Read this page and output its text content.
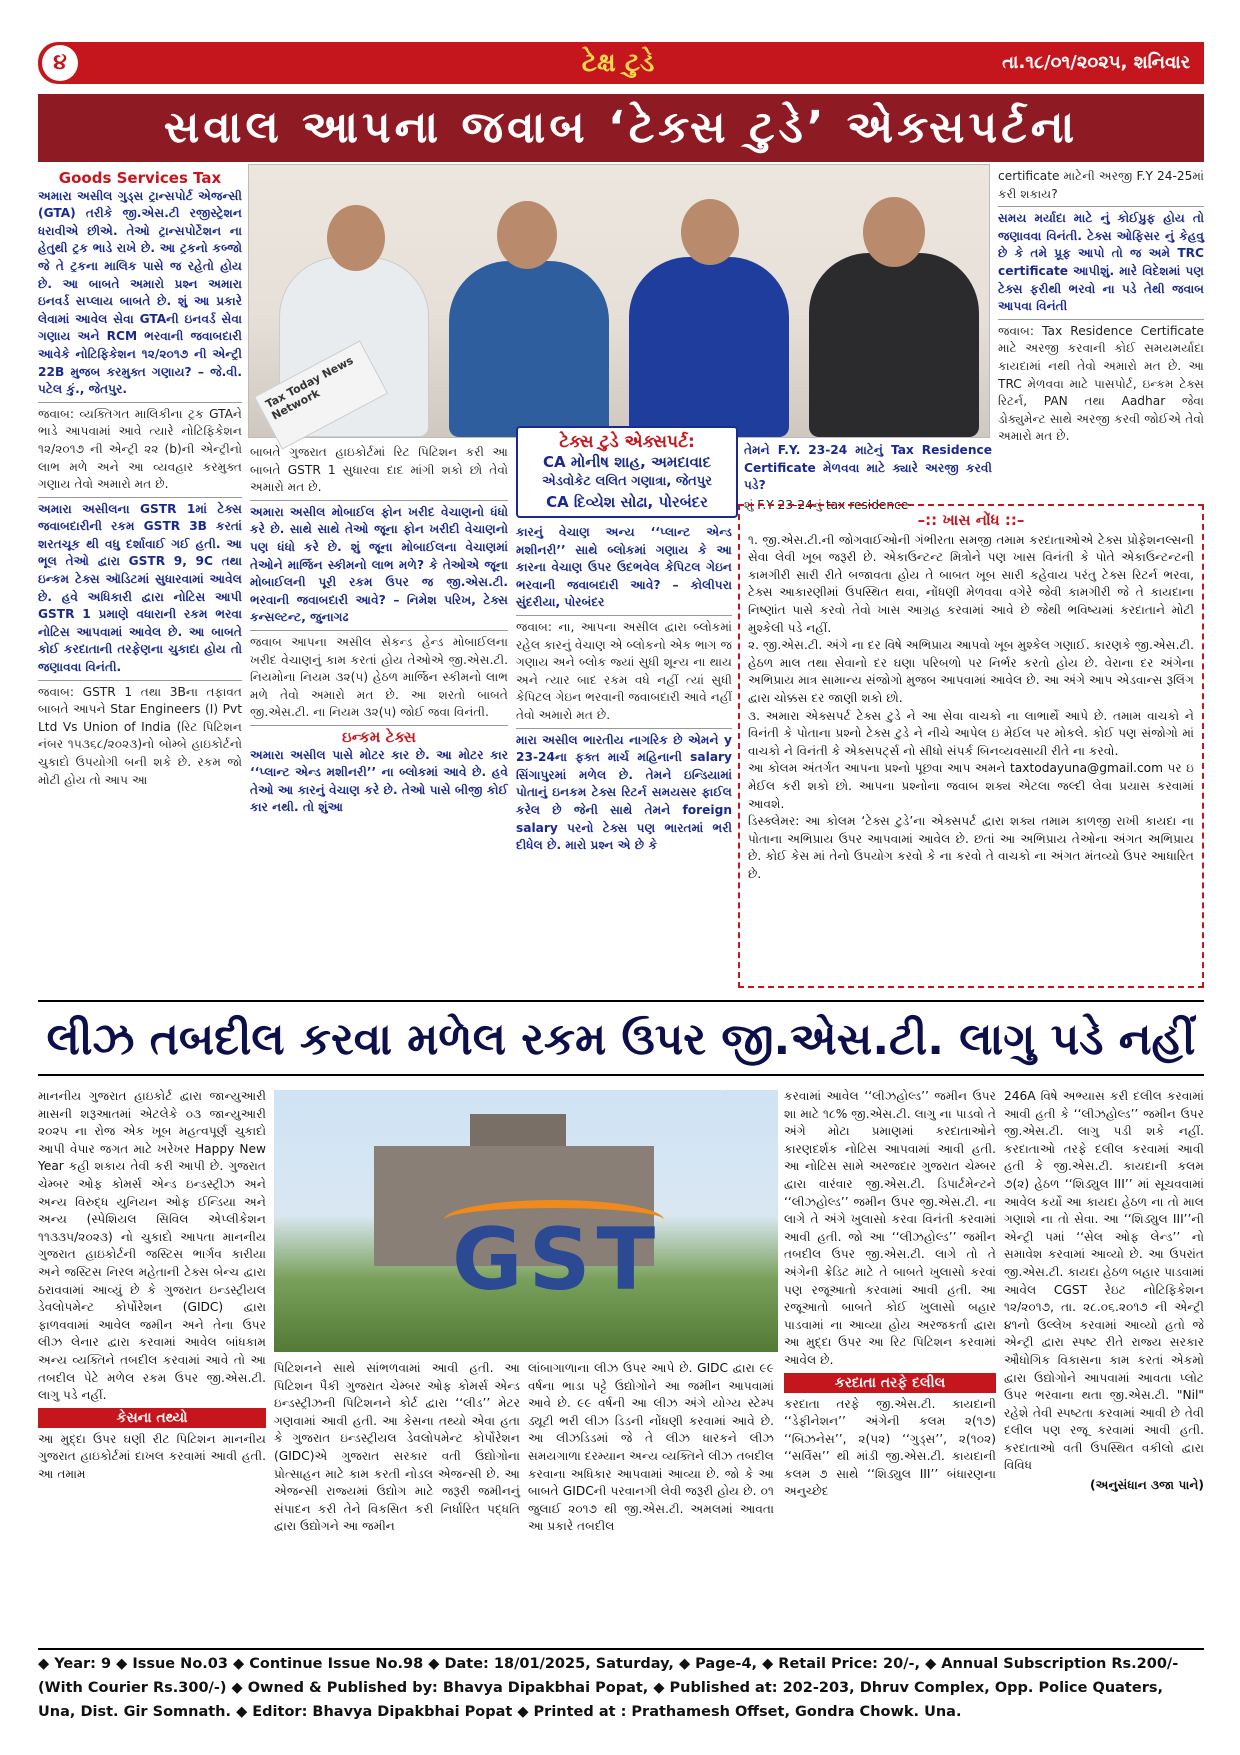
૪	ટેક્ષ ટુડે	તા.૧૮/૦૧/૨૦૨૫, શનિવાર
સવાલ આપના જવાબ ‘ટેક્સ ટુડે’ એક્સપર્ટના
Goods Services Tax

અમારા અસીલ ગુડ્સ ટ્રાન્સપોર્ટ એજન્સી (GTA) તરીકે જી.એસ.ટી રજીસ્ટ્રેશન ધરાવીએ છીએ. તેઓ ટ્રાન્સપોર્ટેશન ના હેતુથી ટ્રક ભાડે રાખે છે. આ ટ્રકનો કબ્જો જે તે ટ્રકના માલિક પાસે જ રહેતો હોય છે. આ બાબતે અમારો પ્રશ્ન અમારા ઇનવર્ડ સપ્લાય બાબતે છે. શું આ પ્રકારે લેવામાં આવેલ સેવા GTAની ઇનવર્ડ સેવા ગણાય અને RCM ભરવાની જવાબદારી આવેકે નોટિફિકેશન ૧૨/૨૦૧૭ ની એન્ટ્રી 22B મુજબ કરમુક્ત ગણાય? – જે.વી. પટેલ કું., જેતપુર.

જવાબ: વ્યક્તિગત માલિકીના ટ્રક GTAને ભાડે આપવામાં આવે ત્યારે નોટિફિકેશન ૧૨/૨૦૧૭ ની એન્ટ્રી ૨૨ (b)ની એન્ટ્રીનો લાભ મળે અને આ વ્યવહાર કરમુક્ત ગણાય તેવો અમારો મત છે.

અમારા અસીલના GSTR 1માં ટેક્સ જવાબદારીની રકમ GSTR 3B કરતાં શરતચૂક થી વધુ દર્શાવાઈ ગઈ હતી. આ ભૂલ તેઓ દ્વારા GSTR 9, 9C તથા ઇન્કમ ટેક્સ ઑડિટમાં સુધારવામાં આવેલ છે. હવે અધિકારી દ્વારા નોટિસ આપી GSTR 1 પ્રમાણે વધારાની રકમ ભરવા નોટિસ આપવામાં આવેલ છે. આ બાબતે કોઈ કરદાતાની તરફેણના ચુકાદા હોય તો જણાવવા વિનંતી.

જવાબ: GSTR 1 તથા 3Bના તફાવત બાબતે આપને Star Engineers (I) Pvt Ltd Vs Union of India (રિટ પિટિશન નંબર ૧૫૩૬૮/૨૦૨૩)નો બોમ્બે હાઇકોર્ટનો ચુકાદો ઉપયોગી બની શકે છે. રકમ જો મોટી હોય તો આપ આ

Tax Today News Network

બાબતે ગુજરાત હાઇકોર્ટમાં રિટ પિટિશન કરી આ બાબતે GSTR 1 સુધારવા દાદ માંગી શકો છો તેવો અમારો મત છે.

અમારા અસીલ મોબાઈલ ફોન ખરીદ વેચાણનો ધંધો કરે છે. સાથે સાથે તેઓ જૂના ફોન ખરીદી વેચાણનો પણ ધંધો કરે છે. શું જૂના મોબાઈલના વેચાણમાં તેઓને માર્જિન સ્કીમનો લાભ મળે? કે તેઓએ જૂના મોબાઈલની પૂરી રકમ ઉપર જ જી.એસ.ટી. ભરવાની જવાબદારી આવે? – નિમેશ પરિખ, ટેક્સ કન્સલ્ટન્ટ, જુનાગઢ

જવાબ આપના અસીલ સેકન્ડ હેન્ડ મોબાઈલના ખરીદ વેચાણનું કામ કરતાં હોય તેઓએ જી.એસ.ટી. નિયમોના નિયમ ૩૨(૫) હેઠળ માર્જિન સ્કીમનો લાભ મળે તેવો અમારો મત છે. આ શરતો બાબતે જી.એસ.ટી. ના નિયમ ૩૨(૫) જોઈ જવા વિનંતી.

ઇન્કમ ટેક્સ

અમારા અસીલ પાસે મોટર કાર છે. આ મોટર કાર ‘‘પ્લાન્ટ એન્ડ મશીનરી’’ ના બ્લોકમાં આવે છે. હવે તેઓ આ કારનું વેચાણ કરે છે. તેઓ પાસે બીજી કોઈ કાર નથી. તો શુંઆ

ટેક્સ ટુડે એક્સપર્ટ:
CA મોનીષ શાહ, અમદાવાદ
એડવોકેટ લલિત ગણાત્રા, જેતપુર
CA દિવ્યેશ સોઢા, પોરબંદર

કારનું વેચાણ અન્ય ‘‘પ્લાન્ટ એન્ડ મશીનરી’’ સાથે બ્લોકમાં ગણાય કે આ કારના વેચાણ ઉપર ઉદભવેલ કેપિટલ ગેઇન ભરવાની જવાબદારી આવે? – કોલીપરા સુંદરીયા, પોરબંદર

જવાબ: ના, આપના અસીલ દ્વારા બ્લોકમાં રહેલ કારનું વેચાણ એ બ્લોકનો એક ભાગ જ ગણાય અને બ્લોક જ્યાં સુધી શૂન્ય ના થાય અને ત્યાર બાદ રકમ વધે નહીં ત્યાં સુધી કેપિટલ ગેઇન ભરવાની જવાબદારી આવે નહીં તેવો અમારો મત છે.

મારા અસીલ ભારતીય નાગરિક છે એમને y 23-24ના ફક્ત માર્ચ મહિનાની salary સિંગાપુરમાં મળેલ છે. તેમને ઇન્ડિયામાં પોતાનું ઇનકમ ટેક્સ રિટર્ન સમયસર ફાઈલ કરેલ છે જેની સાથે તેમને foreign salary પરનો ટેક્સ પણ ભારતમાં ભરી દીધેલ છે. મારો પ્રશ્ન એ છે કે

તેમને F.Y. 23-24 માટેનું Tax Residence Certificate મેળવવા માટે ક્યારે અરજી કરવી પડે?

શું F.Y 23-24નું tax residence

certificate માટેની અરજી F.Y 24-25માં કરી શકાય?

સમય મર્યાદા માટે નું કોઈપ્રુફ હોય તો જણાવવા વિનંતી. ટેક્સ ઓફિસર નું કેહવુ છે કે તમે પ્રૂફ આપો તો જ અમે TRC certificate આપીશું. મારે વિદેશમાં પણ ટેક્સ ફરીથી ભરવો ના પડે તેથી જવાબ આપવા વિનંતી

જવાબ: Tax Residence Certificate માટે અરજી કરવાની કોઈ સમયમર્યાદા કાયદામાં નથી તેવો અમારો મત છે. આ TRC મેળવવા માટે પાસપોર્ટ, ઇન્કમ ટેક્સ રિટર્ન, PAN તથા Aadhar જેવા ડોક્યુમેન્ટ સાથે અરજી કરવી જોઈએ તેવો અમારો મત છે.

–:: ખાસ નોંધ ::–

૧. જી.એસ.ટી.ની જોગવાઈઓની ગંભીરતા સમજી તમામ કરદાતાઓએ ટેક્સ પ્રોફેશનલ્સની સેવા લેવી ખૂબ જરૂરી છે. એકાઉન્ટન્ટ મિત્રોને પણ ખાસ વિનંતી કે પોતે એકાઉન્ટન્ટની કામગીરી સારી રીતે બજાવતા હોય તે બાબત ખૂબ સારી કહેવાય પરંતુ ટેક્સ રિટર્ન ભરવા, ટેક્સ આકારણીમાં ઉપસ્થિત થવા, નોંધણી મેળવવા વગેરે જેવી કામગીરી જે તે કાયદાના નિષ્ણાંત પાસે કરવો તેવો ખાસ આગ્રહ કરવામાં આવે છે જેથી ભવિષ્યમાં કરદાતાને મોટી મુશ્કેલી પડે નહીં.

૨. જી.એસ.ટી. અંગે ના દર વિષે અભિપ્રાય આપવો ખૂબ મુશ્કેલ ગણાઈ. કારણકે જી.એસ.ટી. હેઠળ માલ તથા સેવાનો દર ઘણા પરિબળો પર નિર્ભર કરતો હોય છે. વેરાના દર અંગેના અભિપ્રાય માત્ર સામાન્ય સંજોગો મુજબ આપવામાં આવેલ છે. આ અંગે આપ એડવાન્સ રૂલિંગ દ્વારા ચોક્કસ દર જાણી શકો છો.

૩. અમારા એક્સપર્ટ ટેક્સ ટુડે ને આ સેવા વાચકો ના લાભાર્થે આપે છે. તમામ વાચકો ને વિનંતી કે પોતાના પ્રશ્નો ટેક્સ ટુડે ને નીચે આપેલ ઇ મેઈલ પર મોકલે. કોઈ પણ સંજોગો માં વાચકો ને વિનંતી કે એક્સપર્ટ્સ નો સીધો સંપર્ક બિનવ્યવસાયી રીતે ના કરવો.

આ કોલમ અંતર્ગત આપના પ્રશ્નો પૂછવા આપ અમને taxtodayuna@gmail.com પર ઇ મેઈલ કરી શકો છો. આપના પ્રશ્નોના જવાબ શક્ય એટલા જલ્દી લેવા પ્રયાસ કરવામાં આવશે.

ડિસ્ક્લેમર: આ કોલમ ‘ટેક્સ ટુડે’ના એક્સપર્ટ દ્વારા શક્ય તમામ કાળજી રાખી કાયદા ના પોતાના અભિપ્રાય ઉપર આપવામાં આવેલ છે. છતાં આ અભિપ્રાય તેઓના અંગત અભિપ્રાય છે. કોઈ કેસ માં તેનો ઉપયોગ કરવો કે ના કરવો તે વાચકો ના અંગત મંતવ્યો ઉપર આધારિત છે.

લીઝ તબદીલ કરવા મળેલ રકમ ઉપર જી.એસ.ટી. લાગુ પડે નહીં

માનનીય ગુજરાત હાઇકોર્ટ દ્વારા જાન્યુઆરી માસની શરૂઆતમાં એટલેકે ૦૩ જાન્યુઆરી ૨૦૨૫ ના રોજ એક ખૂબ મહત્વપૂર્ણ ચુકાદો આપી વેપાર જગત માટે ખરેખર Happy New Year કહી શકાય તેવી કરી આપી છે. ગુજરાત ચેમ્બર ઓફ કોમર્સ એન્ડ ઇન્ડસ્ટ્રીઝ અને અન્ય વિરુદ્ધ યુનિયન ઓફ ઈન્ડિયા અને અન્ય (સ્પેશિયલ સિવિલ એપ્લીકેશન ૧૧૩૩૫/૨૦૨૩) નો ચુકાદો આપતા માનનીય ગુજરાત હાઇકોર્ટની જસ્ટિસ ભાર્ગવ કારીયા અને જસ્ટિસ નિરલ મહેતાની ટેક્સ બેન્ચ દ્વારા ઠરાવવામાં આવ્યું છે કે ગુજરાત ઇન્ડસ્ટ્રીયલ ડેવલોપમેન્ટ કોર્પોરેશન (GIDC) દ્વારા ફાળવવામાં આવેલ જમીન અને તેના ઉપર લીઝ લેનાર દ્વારા કરવામાં આવેલ બાંધકામ અન્ય વ્યક્તિને તબદીલ કરવામાં આવે તો આ તબદીલ પેટે મળેલ રકમ ઉપર જી.એસ.ટી. લાગુ પડે નહીં.

કેસના તથ્યો

આ મુદ્દા ઉપર ઘણી રીટ પિટિશન માનનીય ગુજરાત હાઇકોર્ટમાં દાખલ કરવામાં આવી હતી. આ તમામ

GST

પિટિશનને સાથે સાંભળવામાં આવી હતી. આ પિટિશન પૈકી ગુજરાત ચેમ્બર ઓફ કોમર્સ એન્ડ ઇન્ડસ્ટ્રીઝની પિટિશનને કોર્ટ દ્વારા ‘‘લીડ’’ મેટર ગણવામાં આવી હતી. આ કેસના તથ્યો એવા હતા કે ગુજરાત ઇન્ડસ્ટ્રીયલ ડેવલોપમેન્ટ કોર્પોરેશન (GIDC)એ ગુજરાત સરકાર વતી ઉદ્યોગોના પ્રોત્સાહન માટે કામ કરતી નોડલ એજન્સી છે. આ એજન્સી રાજ્યમાં ઉદ્યોગ માટે જરૂરી જમીનનું સંપાદન કરી તેને વિકસિત કરી નિર્ધારિત પદ્ધતિ દ્વારા ઉદ્યોગને આ જમીન

લાંબાગાળાના લીઝ ઉપર આપે છે. GIDC દ્વારા ૯૯ વર્ષના ભાડા પટ્ટે ઉદ્યોગોને આ જમીન આપવામાં આવે છે. ૯૯ વર્ષની આ લીઝ અંગે યોગ્ય સ્ટેમ્પ ડ્યૂટી ભરી લીઝ ડિડની નોંધણી કરવામાં આવે છે. આ લીઝડિડમાં જે તે લીઝ ધારકને લીઝ સમયગાળા દરમ્યાન અન્ય વ્યક્તિને લીઝ તબદીલ કરવાના અધિકાર આપવામાં આવ્યા છે. જો કે આ બાબતે GIDCની પરવાનગી લેવી જરૂરી હોય છે. ૦૧ જુલાઈ ૨૦૧૭ થી જી.એસ.ટી. અમલમાં આવતા આ પ્રકારે તબદીલ

કરવામાં આવેલ ‘‘લીઝહોલ્ડ’’ જમીન ઉપર શા માટે ૧૮% જી.એસ.ટી. લાગુ ના પાડવો તે અંગે મોટા પ્રમાણમાં કરદાતાઓને કારણદર્શક નોટિસ આપવામાં આવી હતી. આ નોટિસ સામે અરજદાર ગુજરાત ચેમ્બર દ્વારા વારંવાર જી.એસ.ટી. ડિપાર્ટમેન્ટને ‘‘લીઝહોલ્ડ’’ જમીન ઉપર જી.એસ.ટી. ના લાગે તે અંગે ખુલાસો કરવા વિનંતી કરવામાં આવી હતી. જો આ ‘‘લીઝહોલ્ડ’’ જમીન તબદીલ ઉપર જી.એસ.ટી. લાગે તો તે અંગેની ક્રેડિટ માટે તે બાબતે ખુલાસો કરવાં પણ રજૂઆતો કરવામાં આવી હતી. આ રજૂઆતો બાબતે કોઈ ખુલાસો બહાર પાડવામાં ના આવ્યા હોય અરજકર્તા દ્વારા આ મુદ્દા ઉપર આ રિટ પિટિશન કરવામાં આવેલ છે.

કરદાતા તરફે દલીલ

કરદાતા તરફે જી.એસ.ટી. કાયદાની ‘‘ડેફીનેશન’’ અંગેની કલમ ૨(૧૭) ‘‘બિઝનેસ’’, ૨(૫૨) ‘‘ગુડ્સ’’, ૨(૧૦૨) ‘‘સર્વિસ’’ થી માંડી જી.એસ.ટી. કાયદાની કલમ ૭ સાથે ‘‘શિડ્યુલ III’’ બંધારણના અનુચ્છેદ

246A વિષે અભ્યાસ કરી દલીલ કરવામાં આવી હતી કે ‘‘લીઝહોલ્ડ’’ જમીન ઉપર જી.એસ.ટી. લાગુ પડી શકે નહીં. કરદાતાઓ તરફે દલીલ કરવામાં આવી હતી કે જી.એસ.ટી. કાયદાની કલમ ૭(૨) હેઠળ ‘‘શિડ્યુલ III’’ માં સૂચવવામાં આવેલ કર્યો આ કાયદા હેઠળ ના તો માલ ગણાશે ના તો સેવા. આ ‘‘શિડ્યુલ III’’ની એન્ટ્રી પમાં ‘‘સેલ ઓફ લેન્ડ’’ નો સમાવેશ કરવામાં આવ્યો છે. આ ઉપરાંત જી.એસ.ટી. કાયદા હેઠળ બહાર પાડવામાં આવેલ CGST રેઇટ નોટિફિકેશન ૧૨/૨૦૧૭, તા. ૨૮.૦૬.૨૦૧૭ ની એન્ટ્રી ૪૧નો ઉલ્લેખ કરવામાં આવ્યો હતો જે એન્ટ્રી દ્વારા સ્પષ્ટ રીતે રાજ્ય સરકાર ઔધોગિક વિકાસના કામ કરતાં એકમો દ્વારા ઉદ્યોગોને આપવામાં આવતા પ્લોટ ઉપર ભરવાના થતા જી.એસ.ટી. "Nil" રહેશે તેવી સ્પષ્ટતા કરવામાં આવી છે તેવી દલીલ પણ રજૂ કરવામાં આવી હતી. કરદાતાઓ વતી ઉપસ્થિત વકીલો દ્વારા વિવિધ

(અનુસંધાન ૩જા પાને)

◆ Year: 9 ◆ Issue No.03 ◆ Continue Issue No.98 ◆ Date: 18/01/2025, Saturday, ◆ Page-4, ◆ Retail Price: 20/-, ◆ Annual Subscription Rs.200/-
(With Courier Rs.300/-) ◆ Owned & Published by: Bhavya Dipakbhai Popat, ◆ Published at: 202-203, Dhruv Complex, Opp. Police Quaters,
Una, Dist. Gir Somnath. ◆ Editor: Bhavya Dipakbhai Popat ◆ Printed at : Prathamesh Offset, Gondra Chowk. Una.
